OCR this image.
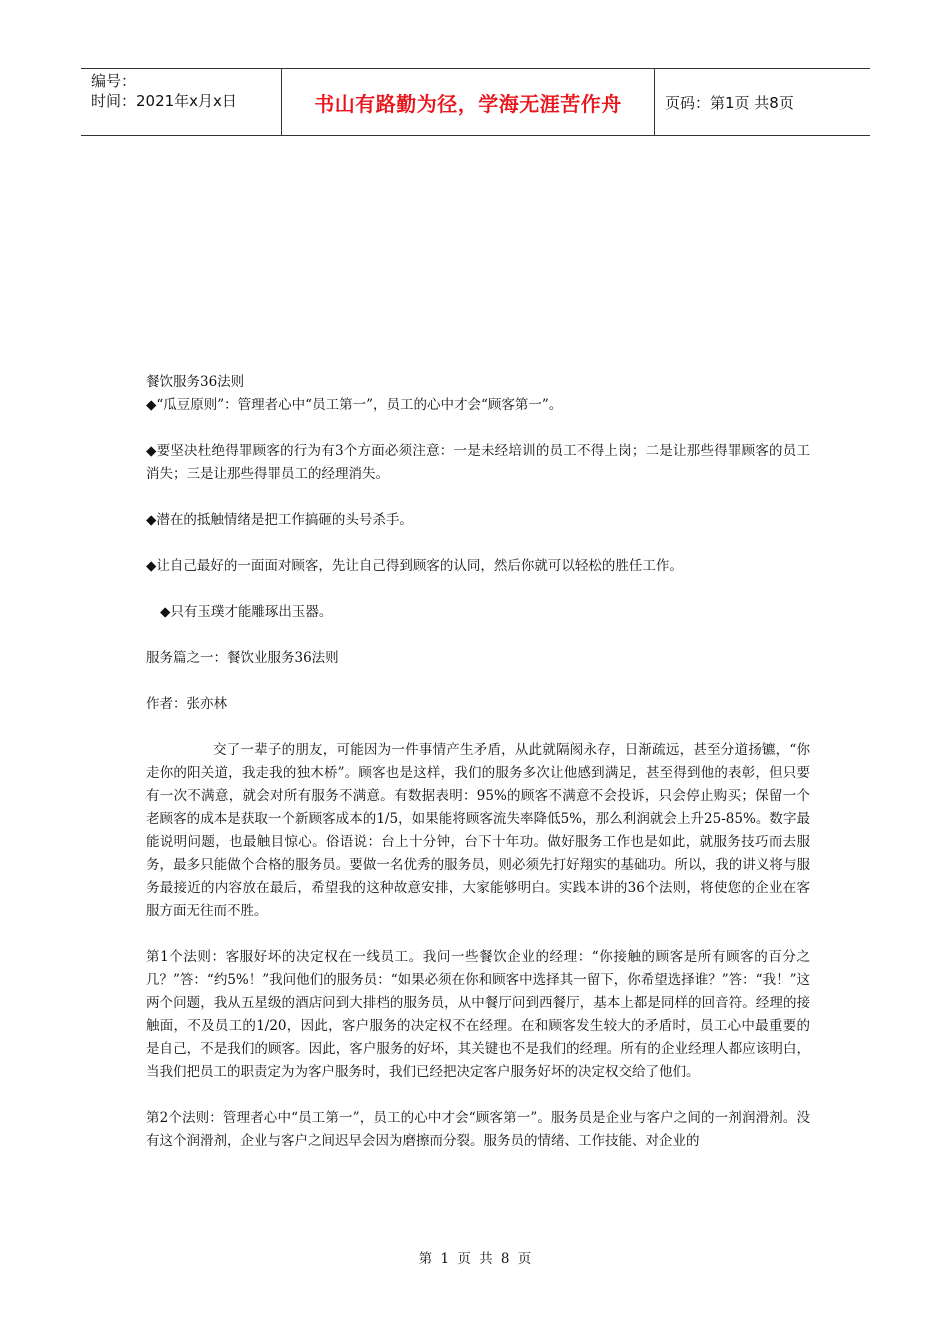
编号：
时间：2021年x月x日	书山有路勤为径，学海无涯苦作舟	页码：第1页 共8页

餐饮服务36法则

◆“瓜豆原则”：管理者心中“员工第一”，员工的心中才会“顾客第一”。

◆要坚决杜绝得罪顾客的行为有3个方面必须注意：一是未经培训的员工不得上岗；二是让那些得罪顾客的员工消失；三是让那些得罪员工的经理消失。

◆潜在的抵触情绪是把工作搞砸的头号杀手。

◆让自己最好的一面面对顾客，先让自己得到顾客的认同，然后你就可以轻松的胜任工作。

◆只有玉璞才能雕琢出玉器。

服务篇之一：餐饮业服务36法则

作者：张亦林

交了一辈子的朋友，可能因为一件事情产生矛盾，从此就隔阂永存，日渐疏远，甚至分道扬镳，“你走你的阳关道，我走我的独木桥”。顾客也是这样，我们的服务多次让他感到满足，甚至得到他的表彰，但只要有一次不满意，就会对所有服务不满意。有数据表明：95%的顾客不满意不会投诉，只会停止购买；保留一个老顾客的成本是获取一个新顾客成本的1/5，如果能将顾客流失率降低5%，那么利润就会上升25-85%。数字最能说明问题，也最触目惊心。俗语说：台上十分钟，台下十年功。做好服务工作也是如此，就服务技巧而去服务，最多只能做个合格的服务员。要做一名优秀的服务员，则必须先打好翔实的基础功。所以，我的讲义将与服务最接近的内容放在最后，希望我的这种故意安排，大家能够明白。实践本讲的36个法则，将使您的企业在客服方面无往而不胜。

第1个法则：客服好坏的决定权在一线员工。我问一些餐饮企业的经理：“你接触的顾客是所有顾客的百分之几？”答：“约5%！”我问他们的服务员：“如果必须在你和顾客中选择其一留下，你希望选择谁？”答：“我！”这两个问题，我从五星级的酒店问到大排档的服务员，从中餐厅问到西餐厅，基本上都是同样的回音符。经理的接触面，不及员工的1/20，因此，客户服务的决定权不在经理。在和顾客发生较大的矛盾时，员工心中最重要的是自己，不是我们的顾客。因此，客户服务的好坏，其关键也不是我们的经理。所有的企业经理人都应该明白，当我们把员工的职责定为为客户服务时，我们已经把决定客户服务好坏的决定权交给了他们。

第2个法则：管理者心中“员工第一”，员工的心中才会“顾客第一”。服务员是企业与客户之间的一剂润滑剂。没有这个润滑剂，企业与客户之间迟早会因为磨擦而分裂。服务员的情绪、工作技能、对企业的

第 1 页 共 8 页
